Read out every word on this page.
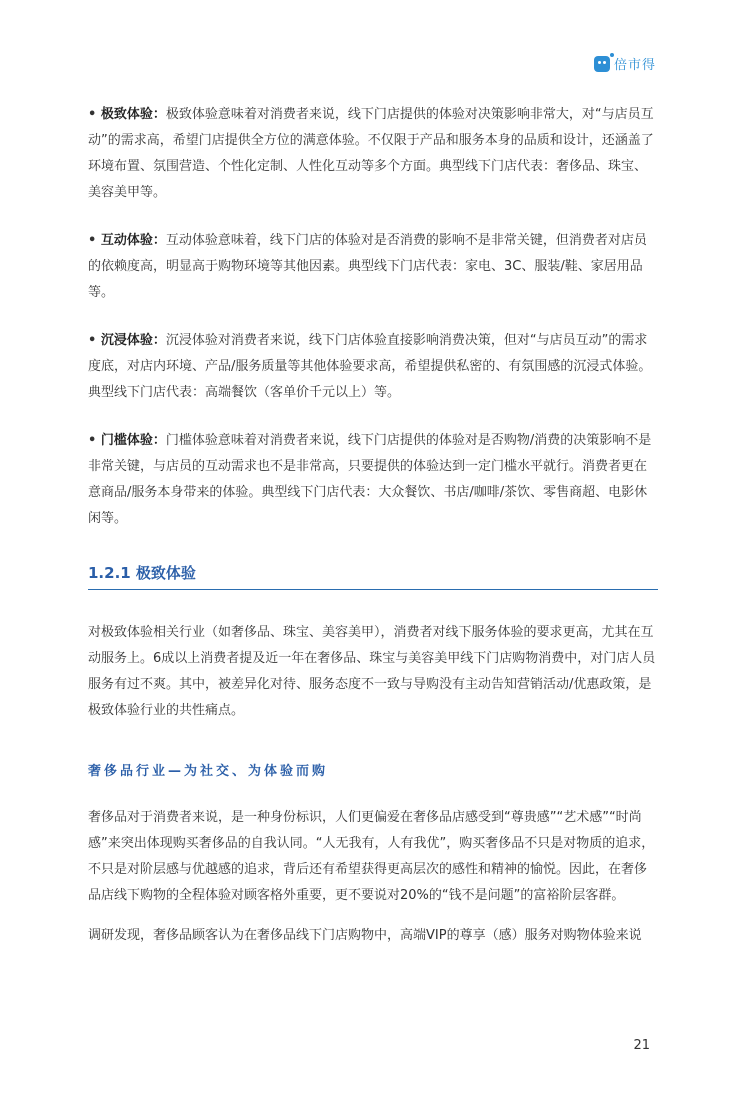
倍市得

• 极致体验：极致体验意味着对消费者来说，线下门店提供的体验对决策影响非常大，对“与店员互动”的需求高，希望门店提供全方位的满意体验。不仅限于产品和服务本身的品质和设计，还涵盖了环境布置、氛围营造、个性化定制、人性化互动等多个方面。典型线下门店代表：奢侈品、珠宝、美容美甲等。

• 互动体验：互动体验意味着，线下门店的体验对是否消费的影响不是非常关键，但消费者对店员的依赖度高，明显高于购物环境等其他因素。典型线下门店代表：家电、3C、服装/鞋、家居用品等。

• 沉浸体验：沉浸体验对消费者来说，线下门店体验直接影响消费决策，但对“与店员互动”的需求度底，对店内环境、产品/服务质量等其他体验要求高，希望提供私密的、有氛围感的沉浸式体验。典型线下门店代表：高端餐饮（客单价千元以上）等。

• 门槛体验：门槛体验意味着对消费者来说，线下门店提供的体验对是否购物/消费的决策影响不是非常关键，与店员的互动需求也不是非常高，只要提供的体验达到一定门槛水平就行。消费者更在意商品/服务本身带来的体验。典型线下门店代表：大众餐饮、书店/咖啡/茶饮、零售商超、电影休闲等。

1.2.1 极致体验

对极致体验相关行业（如奢侈品、珠宝、美容美甲），消费者对线下服务体验的要求更高，尤其在互动服务上。6成以上消费者提及近一年在奢侈品、珠宝与美容美甲线下门店购物消费中，对门店人员服务有过不爽。其中，被差异化对待、服务态度不一致与导购没有主动告知营销活动/优惠政策，是极致体验行业的共性痛点。

奢侈品行业—为社交、为体验而购

奢侈品对于消费者来说，是一种身份标识，人们更偏爱在奢侈品店感受到“尊贵感”“艺术感”“时尚感”来突出体现购买奢侈品的自我认同。“人无我有，人有我优”，购买奢侈品不只是对物质的追求，不只是对阶层感与优越感的追求，背后还有希望获得更高层次的感性和精神的愉悦。因此，在奢侈品店线下购物的全程体验对顾客格外重要，更不要说对20%的“钱不是问题”的富裕阶层客群。

调研发现，奢侈品顾客认为在奢侈品线下门店购物中，高端VIP的尊享（感）服务对购物体验来说

21
